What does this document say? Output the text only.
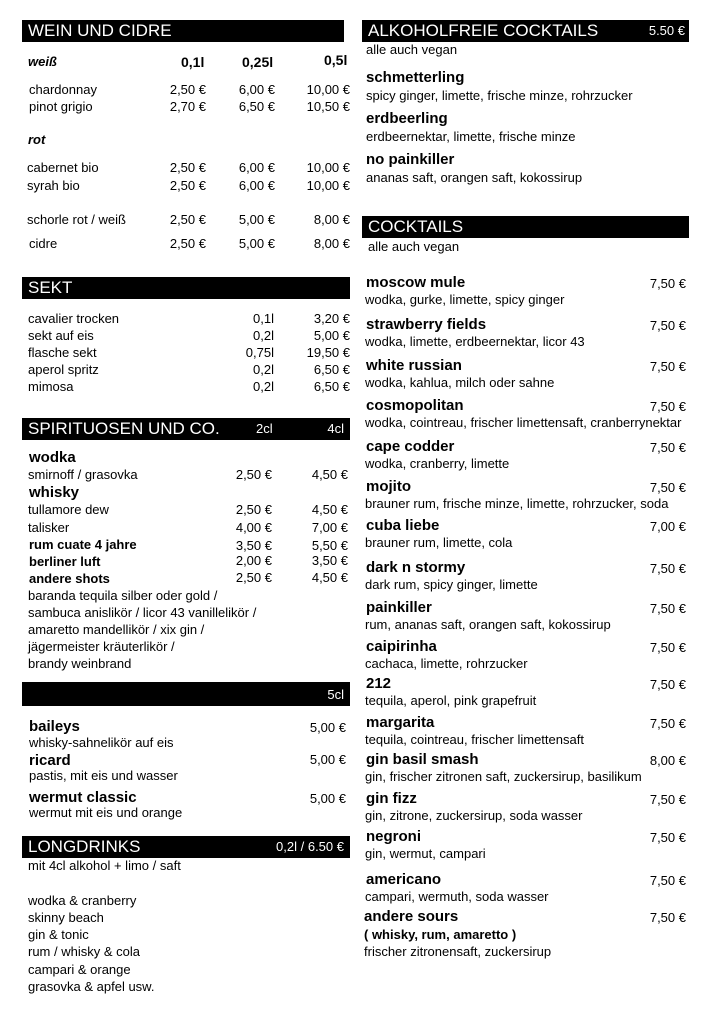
WEIN UND CIDRE
weiß	0,1l	0,25l	0,5l
chardonnay	2,50 €	6,00 € 10,00 €
pinot grigio	2,70 €	6,50 € 10,50 €
rot
cabernet bio	2,50 €	6,00 € 10,00 €
syrah bio	2,50 €	6,00 € 10,00 €
schorle rot / weiß	2,50 €	5,00 €	8,00 €
cidre	2,50 €	5,00 €	8,00 €
SEKT
cavalier trocken	0,1l	3,20 €
sekt auf eis	0,2l	5,00 €
flasche sekt	0,75l	19,50 €
aperol spritz	0,2l	6,50 €
mimosa	0,2l	6,50 €
SPIRITUOSEN UND CO.	2cl	4cl
wodka
smirnoff / grasovka	2,50 €	4,50 €
whisky
tullamore dew	2,50 €	4,50 €
talisker	4,00 €	7,00 €
rum cuate 4 jahre	3,50 €	5,50 €
berliner luft	2,00 €	3,50 €
andere shots	2,50 €	4,50 €
baranda tequila silber oder gold /
sambuca anislikör / licor 43 vanillelikör /
amaretto mandellikör / xix gin /
jägermeister kräuterlikör /
brandy weinbrand
5cl
baileys	5,00 €
whisky-sahnelikör auf eis
ricard	5,00 €
pastis, mit eis und wasser
wermut classic	5,00 €
wermut mit eis und orange
LONGDRINKS	0,2l / 6.50 €
mit 4cl alkohol + limo / saft
wodka & cranberry
skinny beach
gin & tonic
rum / whisky & cola
campari & orange
grasovka & apfel usw.
ALKOHOLFREIE COCKTAILS	5.50 €
alle auch vegan
schmetterling
spicy ginger, limette, frische minze, rohrzucker
erdbeerling
erdbeernektar, limette, frische minze
no painkiller
ananas saft, orangen saft, kokossirup
COCKTAILS
alle auch vegan
moscow mule	7,50 €
wodka, gurke, limette, spicy ginger
strawberry fields	7,50 €
wodka, limette, erdbeernektar, licor 43
white russian	7,50 €
wodka, kahlua, milch oder sahne
cosmopolitan	7,50 €
wodka, cointreau, frischer limettensaft, cranberrynektar
cape codder	7,50 €
wodka, cranberry, limette
mojito	7,50 €
brauner rum, frische minze, limette, rohrzucker, soda
cuba liebe	7,00 €
brauner rum, limette, cola
dark n stormy	7,50 €
dark rum, spicy ginger, limette
painkiller	7,50 €
rum, ananas saft, orangen saft, kokossirup
caipirinha	7,50 €
cachaca, limette, rohrzucker
212	7,50 €
tequila, aperol, pink grapefruit
margarita	7,50 €
tequila, cointreau, frischer limettensaft
gin basil smash	8,00 €
gin, frischer zitronen saft, zuckersirup, basilikum
gin fizz	7,50 €
gin, zitrone, zuckersirup, soda wasser
negroni	7,50 €
gin, wermut, campari
americano	7,50 €
campari, wermuth, soda wasser
andere sours	7,50 €
( whisky, rum, amaretto )
frischer zitronensaft, zuckersirup
